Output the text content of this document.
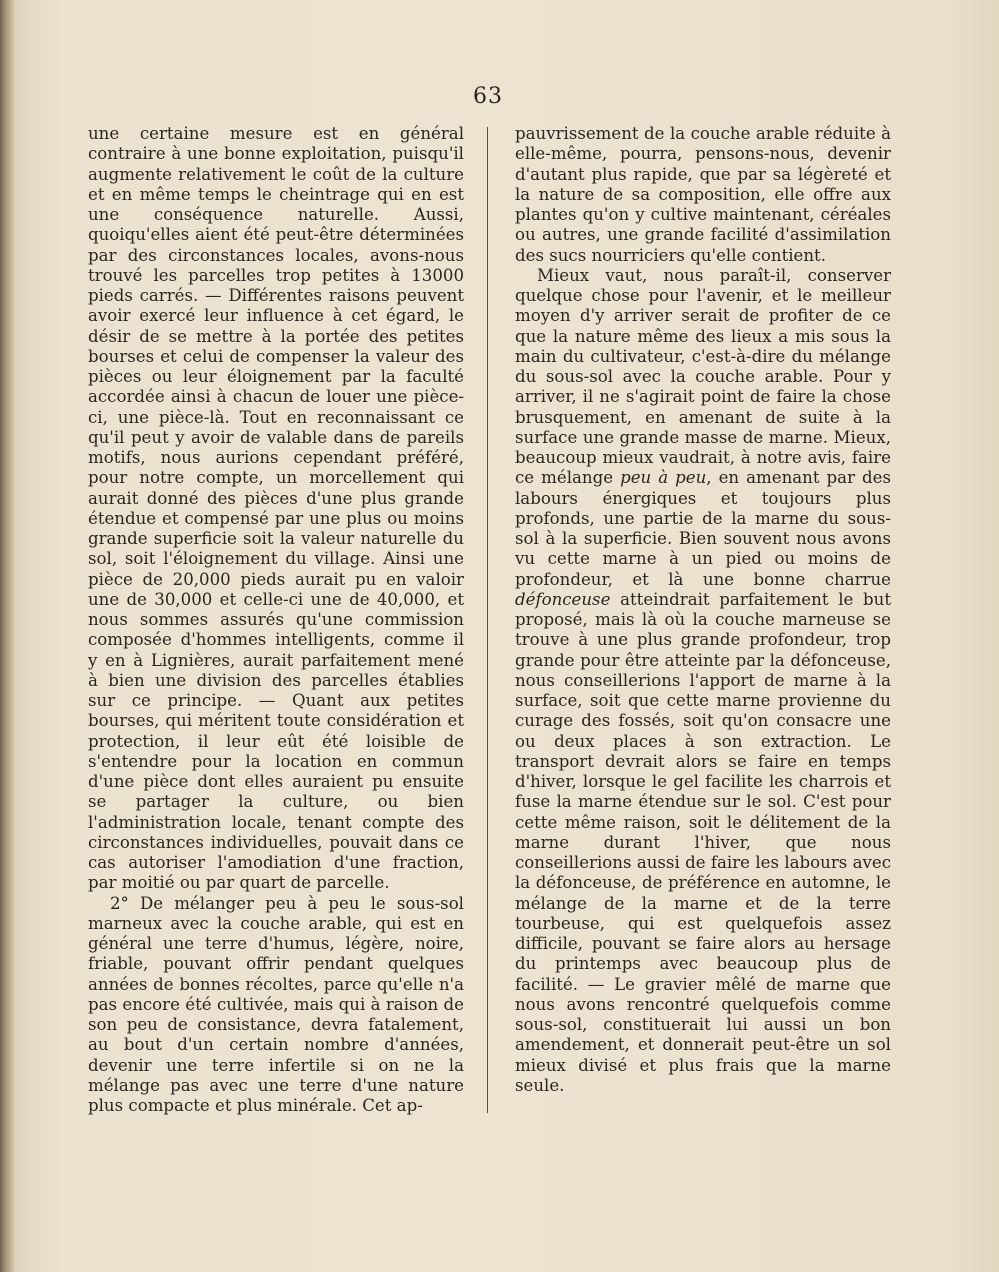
63

une certaine mesure est en général contraire à une bonne exploitation, puisqu'il augmente relativement le coût de la culture et en même temps le cheintrage qui en est une conséquence naturelle. Aussi, quoiqu'elles aient été peut-être déterminées par des circonstances locales, avons-nous trouvé les parcelles trop petites à 13000 pieds carrés. — Différentes raisons peuvent avoir exercé leur influence à cet égard, le désir de se mettre à la portée des petites bourses et celui de compenser la valeur des pièces ou leur éloignement par la faculté accordée ainsi à chacun de louer une pièce-ci, une pièce-là. Tout en reconnaissant ce qu'il peut y avoir de valable dans de pareils motifs, nous aurions cependant préféré, pour notre compte, un morcellement qui aurait donné des pièces d'une plus grande étendue et compensé par une plus ou moins grande superficie soit la valeur naturelle du sol, soit l'éloignement du village. Ainsi une pièce de 20,000 pieds aurait pu en valoir une de 30,000 et celle-ci une de 40,000, et nous sommes assurés qu'une commission composée d'hommes intelligents, comme il y en à Lignières, aurait parfaitement mené à bien une division des parcelles établies sur ce principe. — Quant aux petites bourses, qui méritent toute considération et protection, il leur eût été loisible de s'entendre pour la location en commun d'une pièce dont elles auraient pu ensuite se partager la culture, ou bien l'administration locale, tenant compte des circonstances individuelles, pouvait dans ce cas autoriser l'amodiation d'une fraction, par moitié ou par quart de parcelle.

2° De mélanger peu à peu le sous-sol marneux avec la couche arable, qui est en général une terre d'humus, légère, noire, friable, pouvant offrir pendant quelques années de bonnes récoltes, parce qu'elle n'a pas encore été cultivée, mais qui à raison de son peu de consistance, devra fatalement, au bout d'un certain nombre d'années, devenir une terre infertile si on ne la mélange pas avec une terre d'une nature plus compacte et plus minérale. Cet ap-

pauvrissement de la couche arable réduite à elle-même, pourra, pensons-nous, devenir d'autant plus rapide, que par sa légèreté et la nature de sa composition, elle offre aux plantes qu'on y cultive maintenant, céréales ou autres, une grande facilité d'assimilation des sucs nourriciers qu'elle contient.

Mieux vaut, nous paraît-il, conserver quelque chose pour l'avenir, et le meilleur moyen d'y arriver serait de profiter de ce que la nature même des lieux a mis sous la main du cultivateur, c'est-à-dire du mélange du sous-sol avec la couche arable. Pour y arriver, il ne s'agirait point de faire la chose brusquement, en amenant de suite à la surface une grande masse de marne. Mieux, beaucoup mieux vaudrait, à notre avis, faire ce mélange peu à peu, en amenant par des labours énergiques et toujours plus profonds, une partie de la marne du sous-sol à la superficie. Bien souvent nous avons vu cette marne à un pied ou moins de profondeur, et là une bonne charrue défonceuse atteindrait parfaitement le but proposé, mais là où la couche marneuse se trouve à une plus grande profondeur, trop grande pour être atteinte par la défonceuse, nous conseillerions l'apport de marne à la surface, soit que cette marne provienne du curage des fossés, soit qu'on consacre une ou deux places à son extraction. Le transport devrait alors se faire en temps d'hiver, lorsque le gel facilite les charrois et fuse la marne étendue sur le sol. C'est pour cette même raison, soit le délitement de la marne durant l'hiver, que nous conseillerions aussi de faire les labours avec la défonceuse, de préférence en automne, le mélange de la marne et de la terre tourbeuse, qui est quelquefois assez difficile, pouvant se faire alors au hersage du printemps avec beaucoup plus de facilité. — Le gravier mêlé de marne que nous avons rencontré quelquefois comme sous-sol, constituerait lui aussi un bon amendement, et donnerait peut-être un sol mieux divisé et plus frais que la marne seule.
